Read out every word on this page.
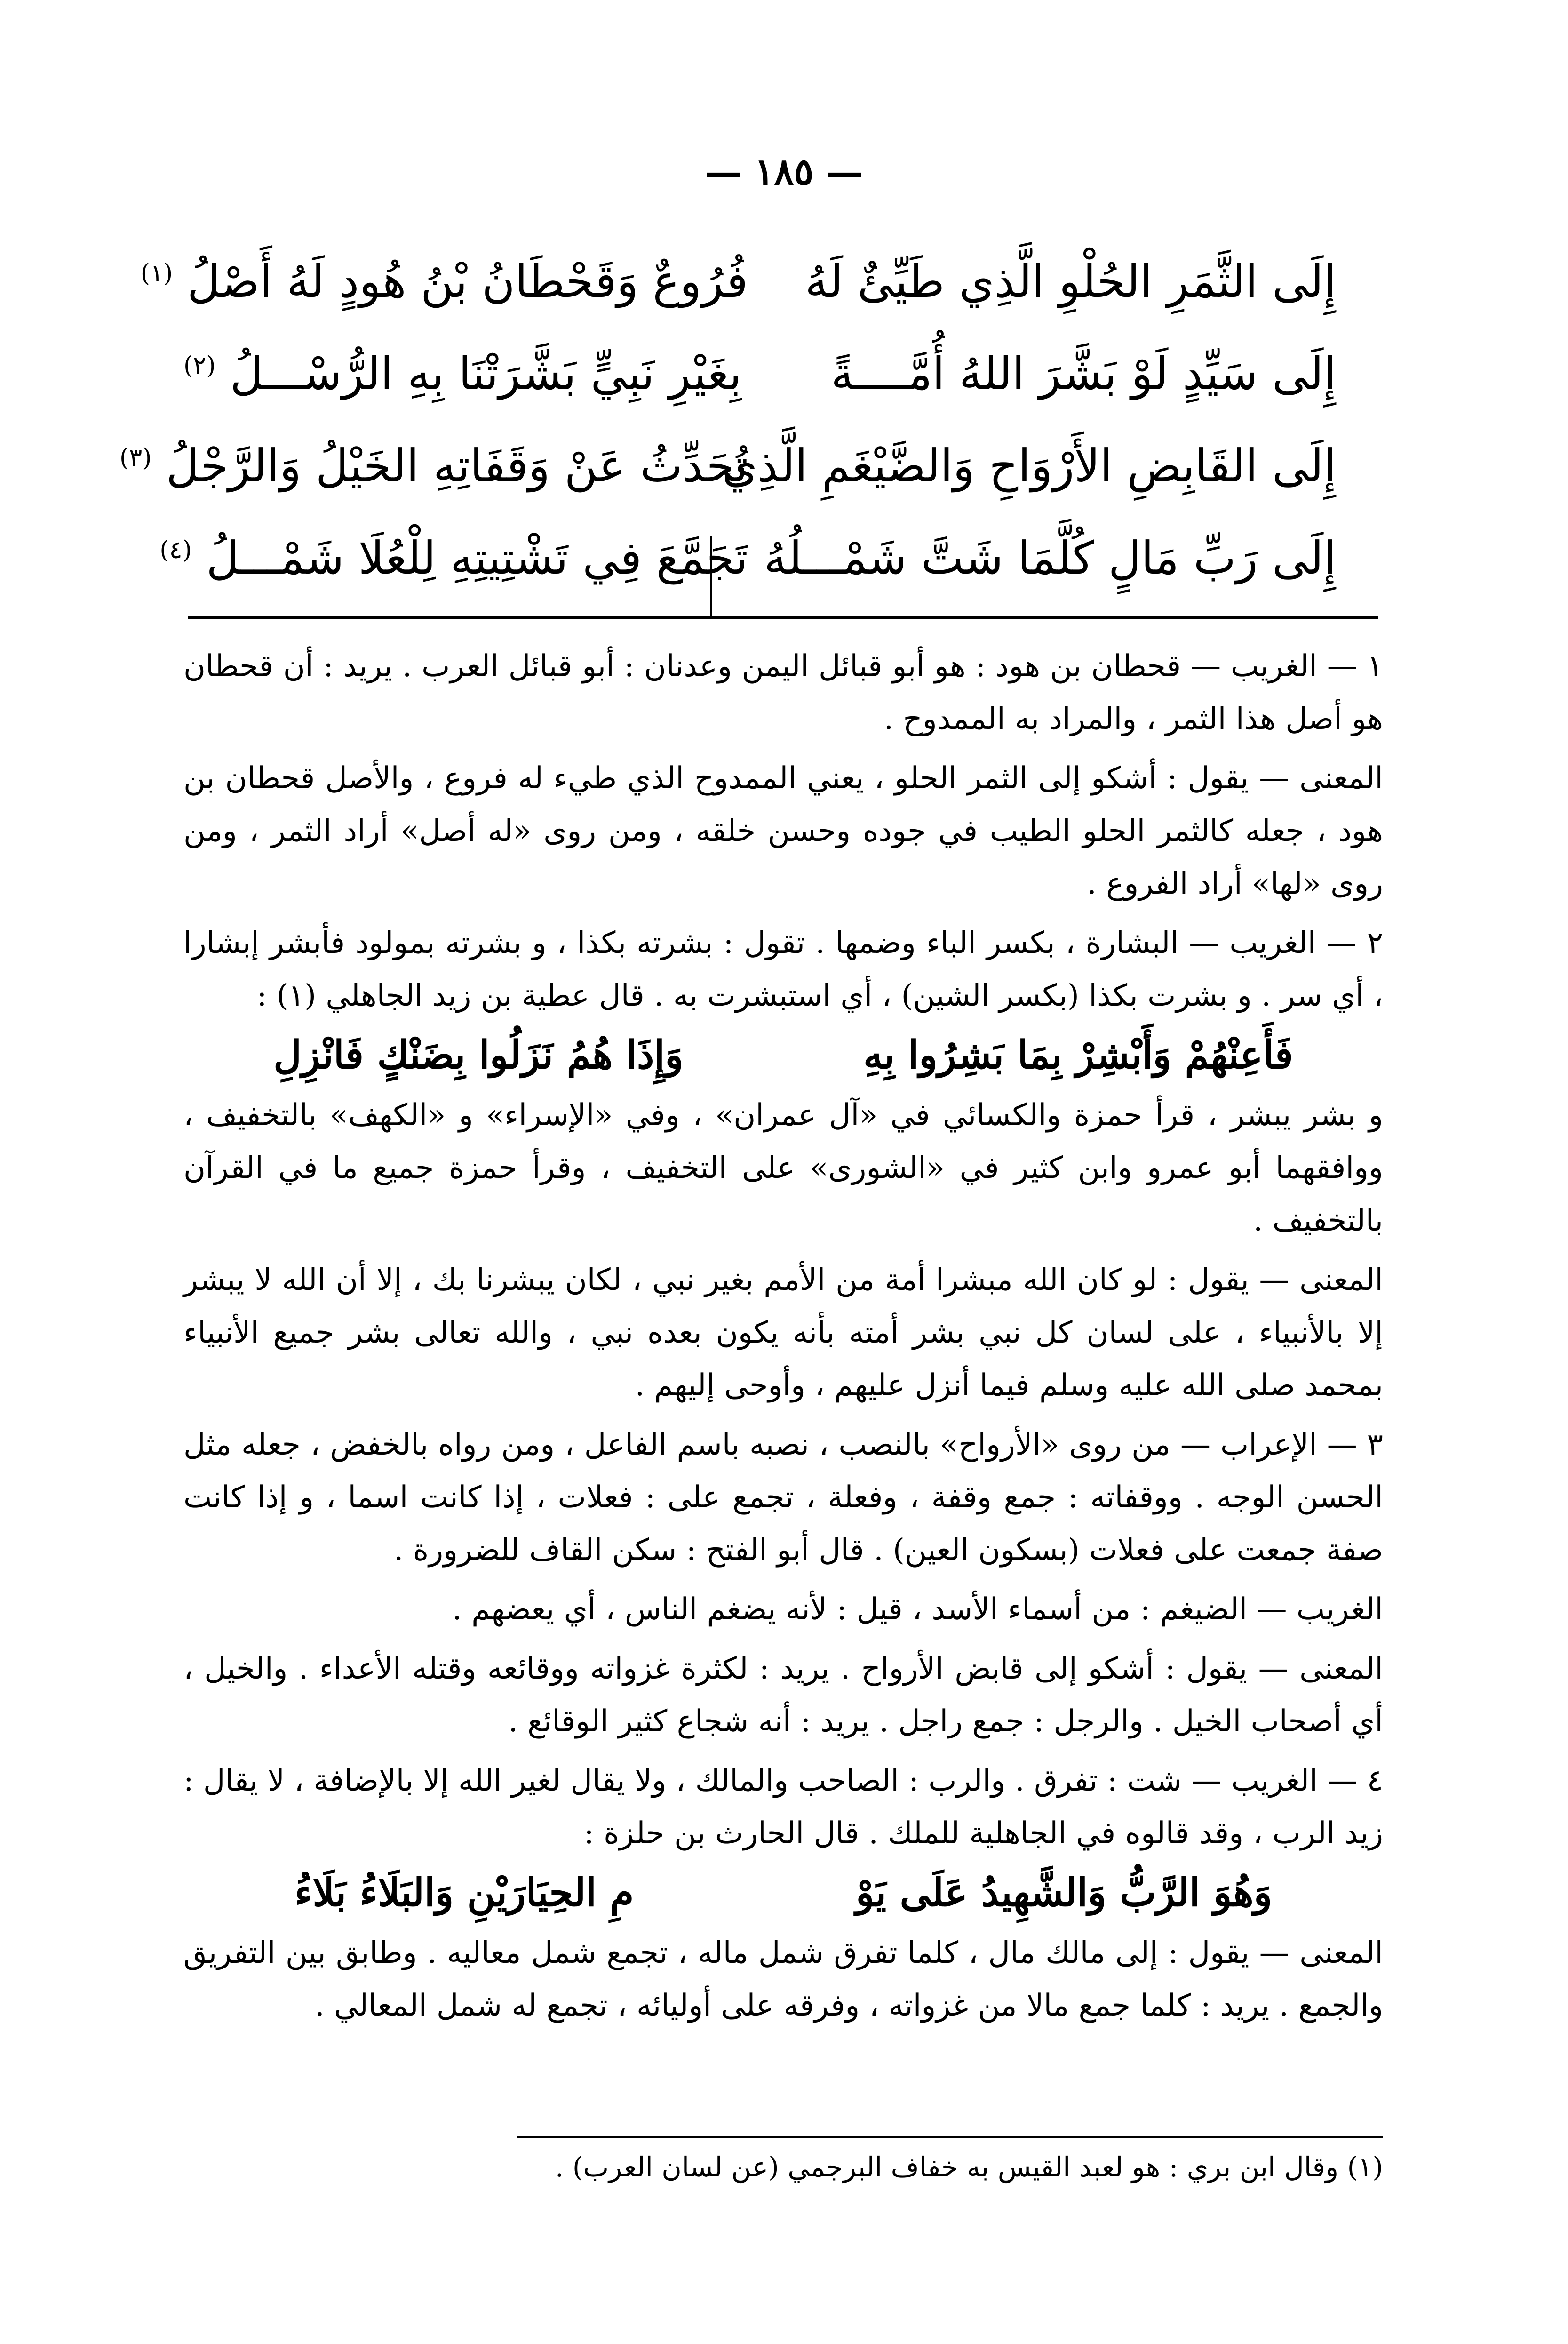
— ١٨٥ —
إِلَى الثَّمَرِ الحُلْوِ الَّذِي طَيِّئٌ لَهُ
فُرُوعٌ وَقَحْطَانُ بْنُ هُودٍ لَهُ أَصْلُ $^{(١)}$
إِلَى سَيِّدٍ لَوْ بَشَّرَ اللهُ أُمَّــــةً
بِغَيْرِ نَبِيٍّ بَشَّرَتْنَا بِهِ الرُّسْـــلُ $^{(٢)}$
إِلَى القَابِضِ الأَرْوَاحِ وَالضَّيْغَمِ الَّذِي
تُحَدِّثُ عَنْ وَقَفَاتِهِ الخَيْلُ وَالرَّجْلُ $^{(٣)}$
إِلَى رَبِّ مَالٍ كُلَّمَا شَتَّ شَمْـــلُهُ
تَجَمَّعَ فِي تَشْتِيتِهِ لِلْعُلَا شَمْـــلُ $^{(٤)}$

١ — الغريب — قحطان بن هود : هو أبو قبائل اليمن وعدنان : أبو قبائل العرب . يريد : أن قحطان هو أصل هذا الثمر ، والمراد به الممدوح .

المعنى — يقول : أشكو إلى الثمر الحلو ، يعني الممدوح الذي طيء له فروع ، والأصل قحطان بن هود ، جعله كالثمر الحلو الطيب في جوده وحسن خلقه ، ومن روى «له أصل» أراد الثمر ، ومن روى «لها» أراد الفروع .

٢ — الغريب — البشارة ، بكسر الباء وضمها . تقول : بشرته بكذا ، و بشرته بمولود فأبشر إبشارا ، أي سر . و بشرت بكذا (بكسر الشين) ، أي استبشرت به . قال عطية بن زيد الجاهلي (١) :

فَأَعِنْهُمْ وَأَبْشِرْ بِمَا بَشِرُوا بِهِ
وَإِذَا هُمُ نَزَلُوا بِضَنْكٍ فَانْزِلِ

و بشر يبشر ، قرأ حمزة والكسائي في «آل عمران» ، وفي «الإسراء» و «الكهف» بالتخفيف ، ووافقهما أبو عمرو وابن كثير في «الشورى» على التخفيف ، وقرأ حمزة جميع ما في القرآن بالتخفيف .

المعنى — يقول : لو كان الله مبشرا أمة من الأمم بغير نبي ، لكان يبشرنا بك ، إلا أن الله لا يبشر إلا بالأنبياء ، على لسان كل نبي بشر أمته بأنه يكون بعده نبي ، والله تعالى بشر جميع الأنبياء بمحمد صلى الله عليه وسلم فيما أنزل عليهم ، وأوحى إليهم .

٣ — الإعراب — من روى «الأرواح» بالنصب ، نصبه باسم الفاعل ، ومن رواه بالخفض ، جعله مثل الحسن الوجه . ووقفاته : جمع وقفة ، وفعلة ، تجمع على : فعلات ، إذا كانت اسما ، و إذا كانت صفة جمعت على فعلات (بسكون العين) . قال أبو الفتح : سكن القاف للضرورة .

الغريب — الضيغم : من أسماء الأسد ، قيل : لأنه يضغم الناس ، أي يعضهم .

المعنى — يقول : أشكو إلى قابض الأرواح . يريد : لكثرة غزواته ووقائعه وقتله الأعداء . والخيل ، أي أصحاب الخيل . والرجل : جمع راجل . يريد : أنه شجاع كثير الوقائع .

٤ — الغريب — شت : تفرق . والرب : الصاحب والمالك ، ولا يقال لغير الله إلا بالإضافة ، لا يقال : زيد الرب ، وقد قالوه في الجاهلية للملك . قال الحارث بن حلزة :

وَهُوَ الرَّبُّ وَالشَّهِيدُ عَلَى يَوْ
مِ الحِيَارَيْنِ وَالبَلَاءُ بَلَاءُ

المعنى — يقول : إلى مالك مال ، كلما تفرق شمل ماله ، تجمع شمل معاليه . وطابق بين التفريق والجمع . يريد : كلما جمع مالا من غزواته ، وفرقه على أوليائه ، تجمع له شمل المعالي .

(١) وقال ابن بري : هو لعبد القيس به خفاف البرجمي (عن لسان العرب) .
